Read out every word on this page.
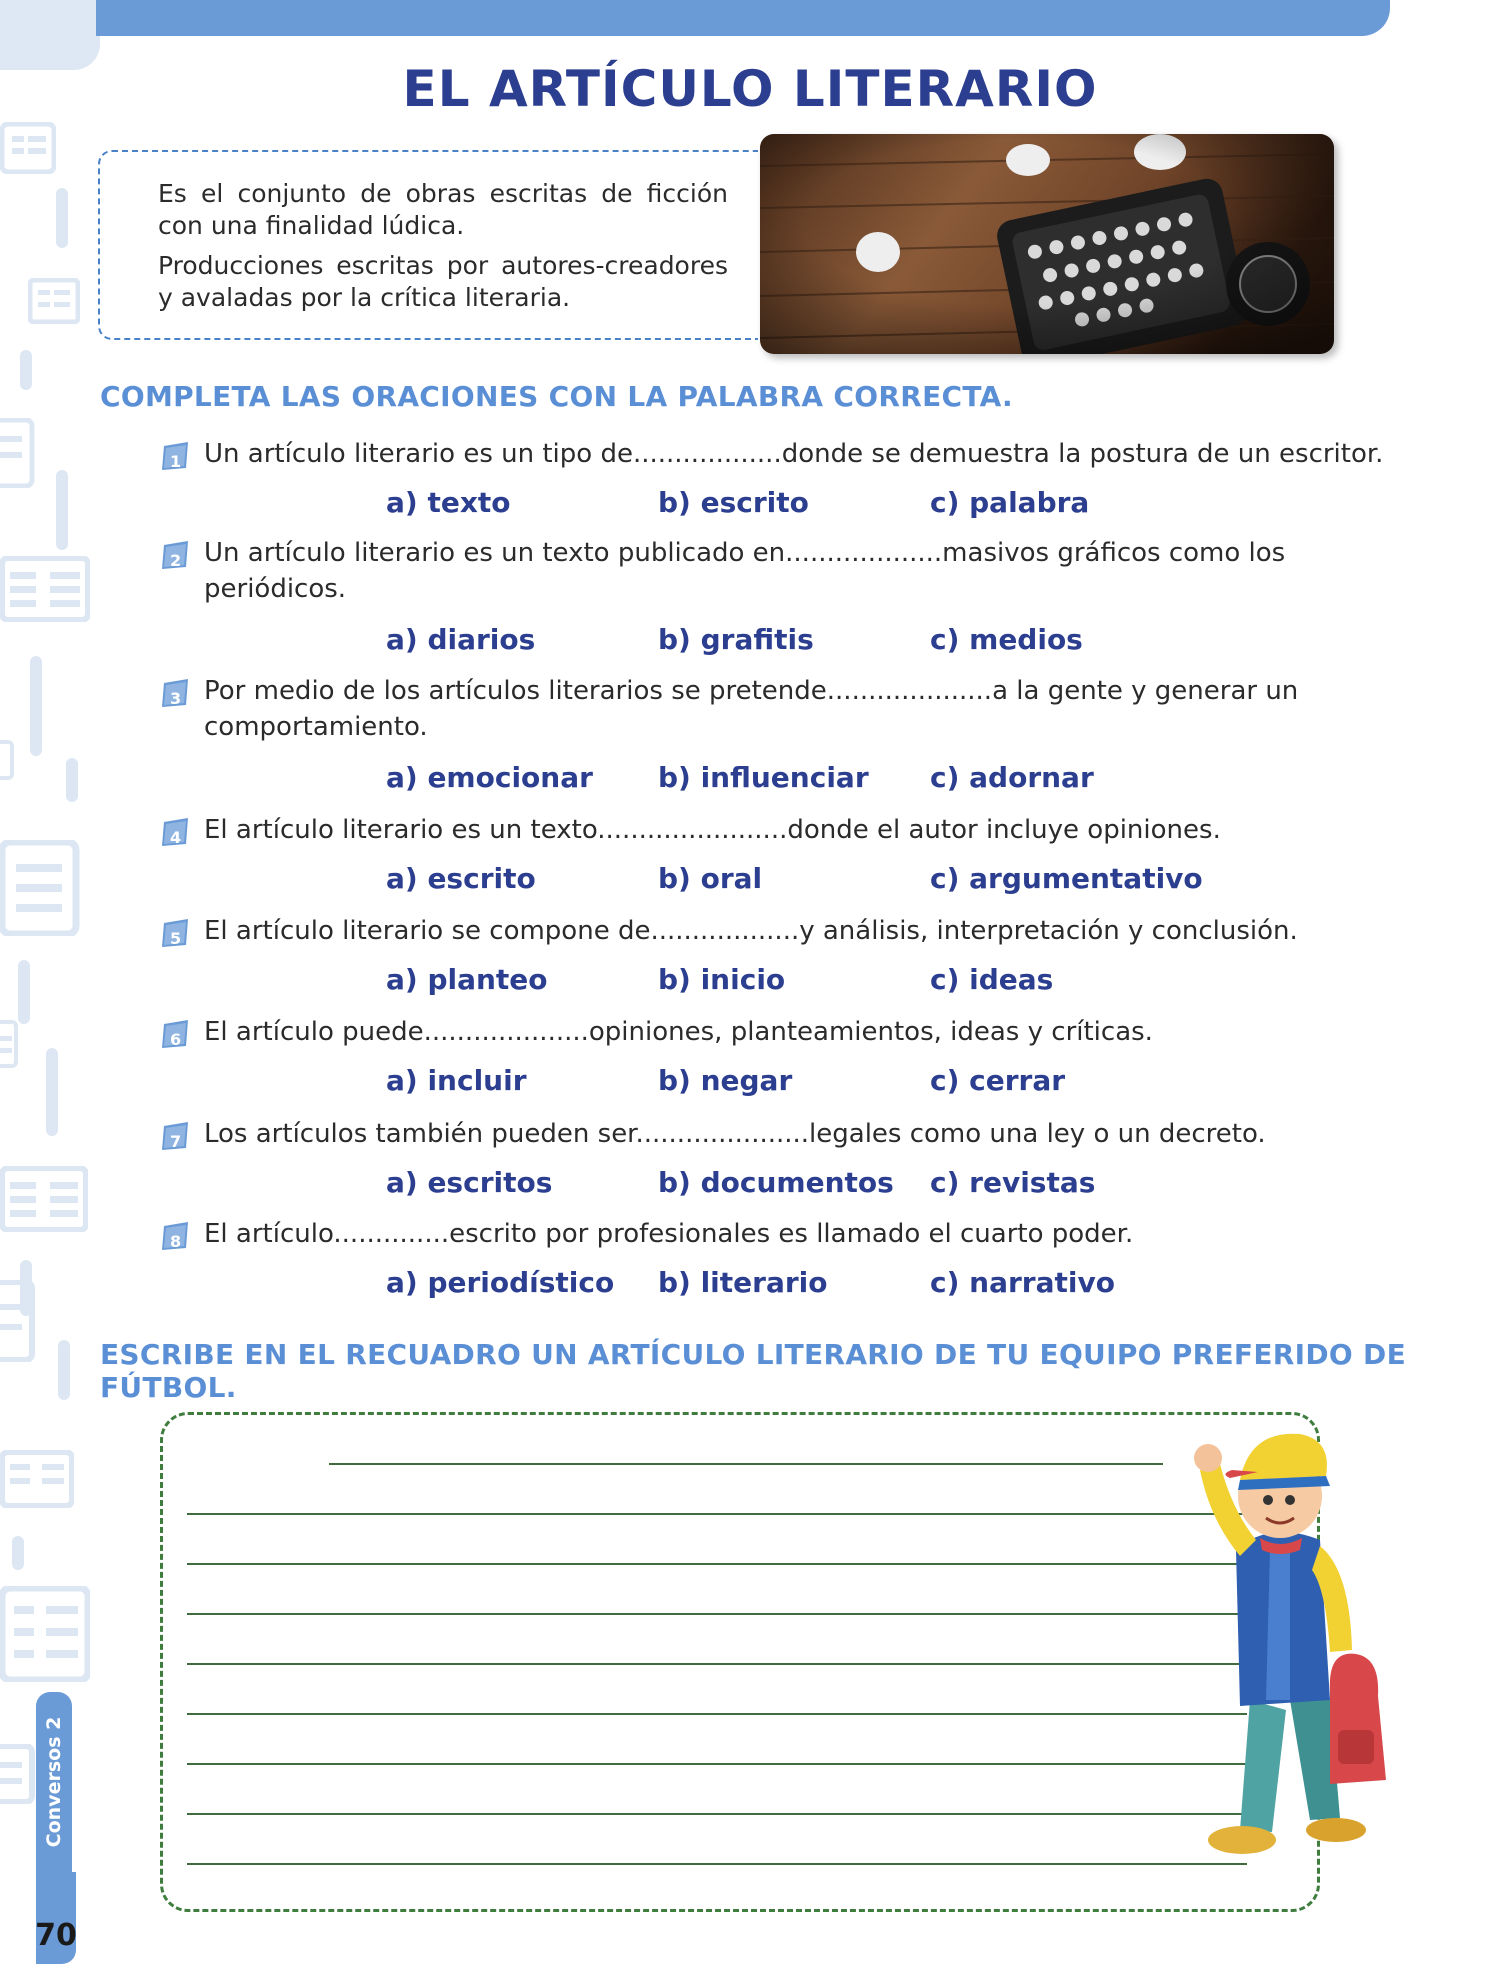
Conversos 2
70
EL ARTÍCULO LITERARIO

Es el conjunto de obras escritas de ficción con una finalidad lúdica.

Producciones escritas por autores-creadores y avaladas por la crítica literaria.

COMPLETA LAS ORACIONES CON LA PALABRA CORRECTA.
1 Un artículo literario es un tipo de..................donde se demuestra la postura de un escritor.
a) texto	b) escrito	c) palabra
2 Un artículo literario es un texto publicado en...................masivos gráficos como los periódicos.
a) diarios	b) grafitis	c) medios
3 Por medio de los artículos literarios se pretende....................a la gente y generar un comportamiento.
a) emocionar b) influenciar c) adornar
4 El artículo literario es un texto.......................donde el autor incluye opiniones.
a) escrito	b) oral	c) argumentativo
5 El artículo literario se compone de..................y análisis, interpretación y conclusión.
a) planteo	b) inicio	c) ideas
6 El artículo puede....................opiniones, planteamientos, ideas y críticas.
a) incluir	b) negar	c) cerrar
7 Los artículos también pueden ser.....................legales como una ley o un decreto.
a) escritos	b) documentos c) revistas
8 El artículo..............escrito por profesionales es llamado el cuarto poder.
a) periodístico b) literario	c) narrativo
ESCRIBE EN EL RECUADRO UN ARTÍCULO LITERARIO DE TU EQUIPO PREFERIDO DE FÚTBOL.
